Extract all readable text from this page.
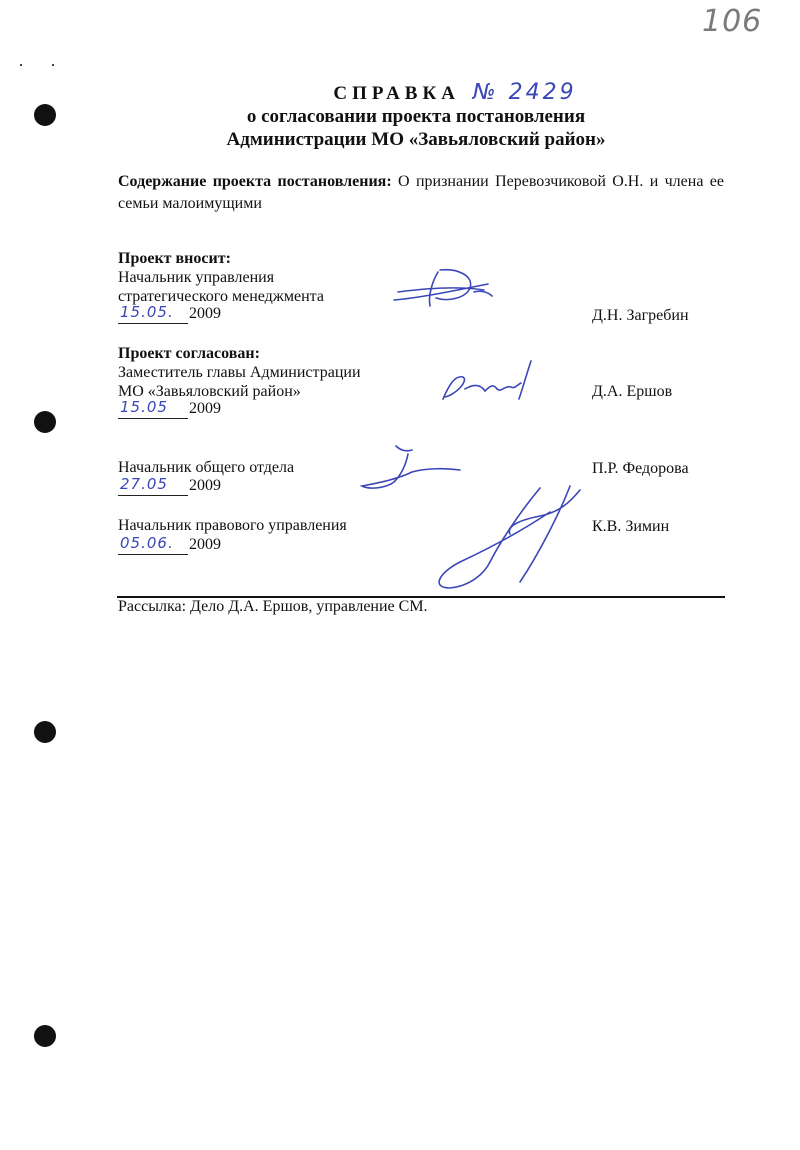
106
СПРАВКА № 2429
о согласовании проекта постановления
Администрации МО «Завьяловский район»
Содержание проекта постановления: О признании Перевозчиковой О.Н. и члена ее семьи малоимущими
Проект вносит:
Начальник управления
стратегического менеджмента
15.05. 2009	Д.Н. Загребин
Проект согласован:
Заместитель главы Администрации
МО «Завьяловский район»
15.05 2009
Д.А. Ершов
Начальник общего отдела
27.05 2009
П.Р. Федорова
Начальник правового управления
05.06. 2009
К.В. Зимин
Рассылка: Дело Д.А. Ершов, управление СМ.
